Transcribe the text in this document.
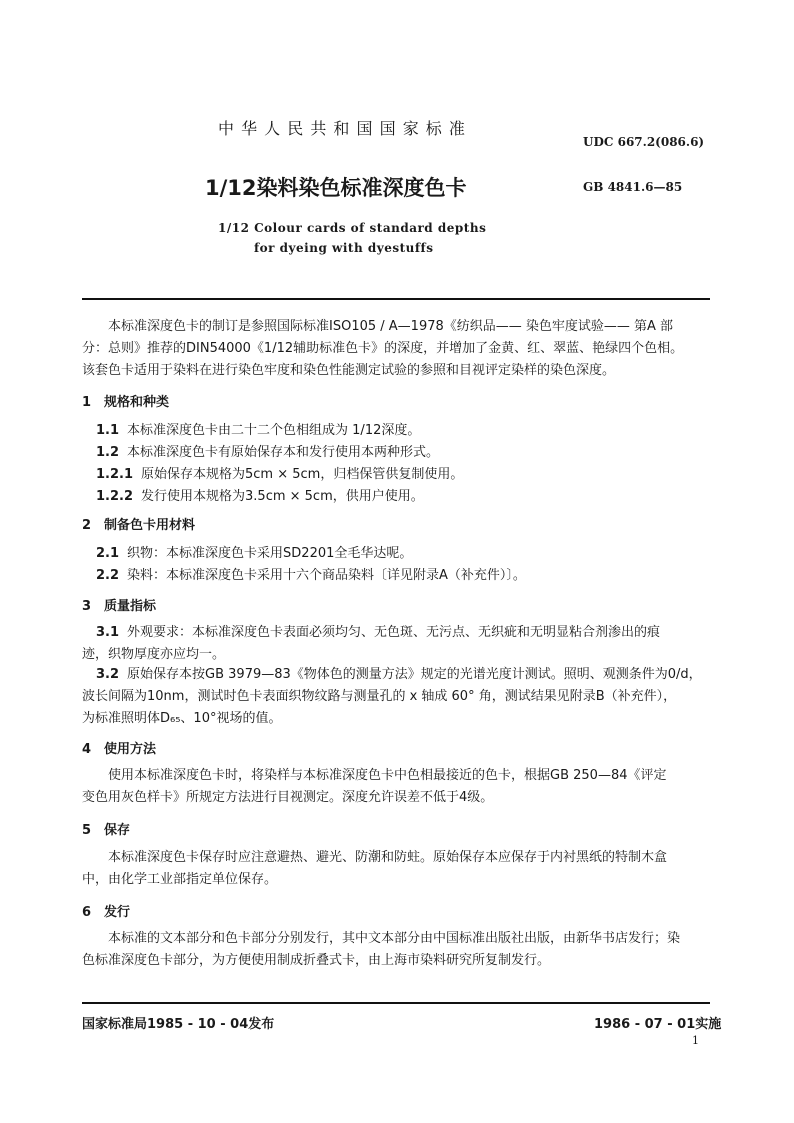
中 华 人 民 共 和 国 国 家 标 准
UDC 667.2(086.6)
1/12染料染色标准深度色卡	GB 4841.6—85
1/12 Colour cards of standard depths
for dyeing with dyestuffs
本标准深度色卡的制订是参照国际标准ISO105 / A—1978《纺织品—— 染色牢度试验—— 第A 部
分：总则》推荐的DIN54000《1/12辅助标准色卡》的深度，并增加了金黄、红、翠蓝、艳绿四个色相。
该套色卡适用于染料在进行染色牢度和染色性能测定试验的参照和目视评定染样的染色深度。
1 规格和种类
1.1 本标准深度色卡由二十二个色相组成为 1/12深度。
1.2 本标准深度色卡有原始保存本和发行使用本两种形式。
1.2.1 原始保存本规格为5cm × 5cm，归档保管供复制使用。
1.2.2 发行使用本规格为3.5cm × 5cm，供用户使用。
2 制备色卡用材料
2.1 织物：本标准深度色卡采用SD2201全毛华达呢。
2.2 染料：本标准深度色卡采用十六个商品染料〔详见附录A（补充件）〕。
3 质量指标
3.1 外观要求：本标准深度色卡表面必须均匀、无色斑、无污点、无织疵和无明显粘合剂渗出的痕
迹，织物厚度亦应均一。
3.2 原始保存本按GB 3979—83《物体色的测量方法》规定的光谱光度计测试。照明、观测条件为0/d，
波长间隔为10nm，测试时色卡表面织物纹路与测量孔的 x 轴成 60° 角，测试结果见附录B（补充件），
为标准照明体D₆₅、10°视场的值。
4 使用方法
使用本标准深度色卡时，将染样与本标准深度色卡中色相最接近的色卡，根据GB 250—84《评定
变色用灰色样卡》所规定方法进行目视测定。深度允许误差不低于4级。
5 保存
本标准深度色卡保存时应注意避热、避光、防潮和防蛀。原始保存本应保存于内衬黑纸的特制木盒
中，由化学工业部指定单位保存。
6 发行
本标准的文本部分和色卡部分分别发行，其中文本部分由中国标准出版社出版，由新华书店发行；染
色标准深度色卡部分，为方便使用制成折叠式卡，由上海市染料研究所复制发行。
国家标准局1985 - 10 - 04发布	1986 - 07 - 01实施
1
